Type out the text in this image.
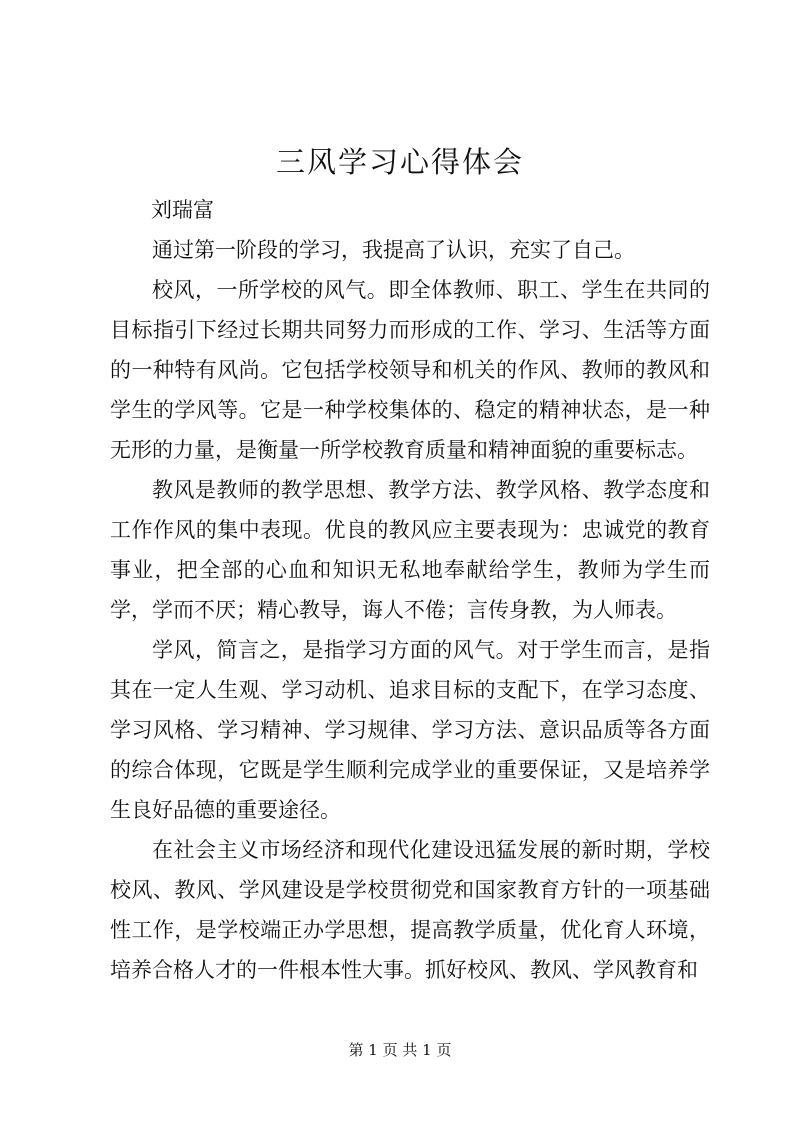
三风学习心得体会

刘瑞富

通过第一阶段的学习，我提高了认识，充实了自己。

校风，一所学校的风气。即全体教师、职工、学生在共同的目标指引下经过长期共同努力而形成的工作、学习、生活等方面的一种特有风尚。它包括学校领导和机关的作风、教师的教风和学生的学风等。它是一种学校集体的、稳定的精神状态，是一种无形的力量，是衡量一所学校教育质量和精神面貌的重要标志。

教风是教师的教学思想、教学方法、教学风格、教学态度和工作作风的集中表现。优良的教风应主要表现为：忠诚党的教育事业，把全部的心血和知识无私地奉献给学生，教师为学生而学，学而不厌；精心教导，诲人不倦；言传身教，为人师表。

学风，简言之，是指学习方面的风气。对于学生而言，是指其在一定人生观、学习动机、追求目标的支配下，在学习态度、学习风格、学习精神、学习规律、学习方法、意识品质等各方面的综合体现，它既是学生顺利完成学业的重要保证，又是培养学生良好品德的重要途径。

在社会主义市场经济和现代化建设迅猛发展的新时期，学校校风、教风、学风建设是学校贯彻党和国家教育方针的一项基础性工作，是学校端正办学思想，提高教学质量，优化育人环境，培养合格人才的一件根本性大事。抓好校风、教风、学风教育和

第 1 页 共 1 页
